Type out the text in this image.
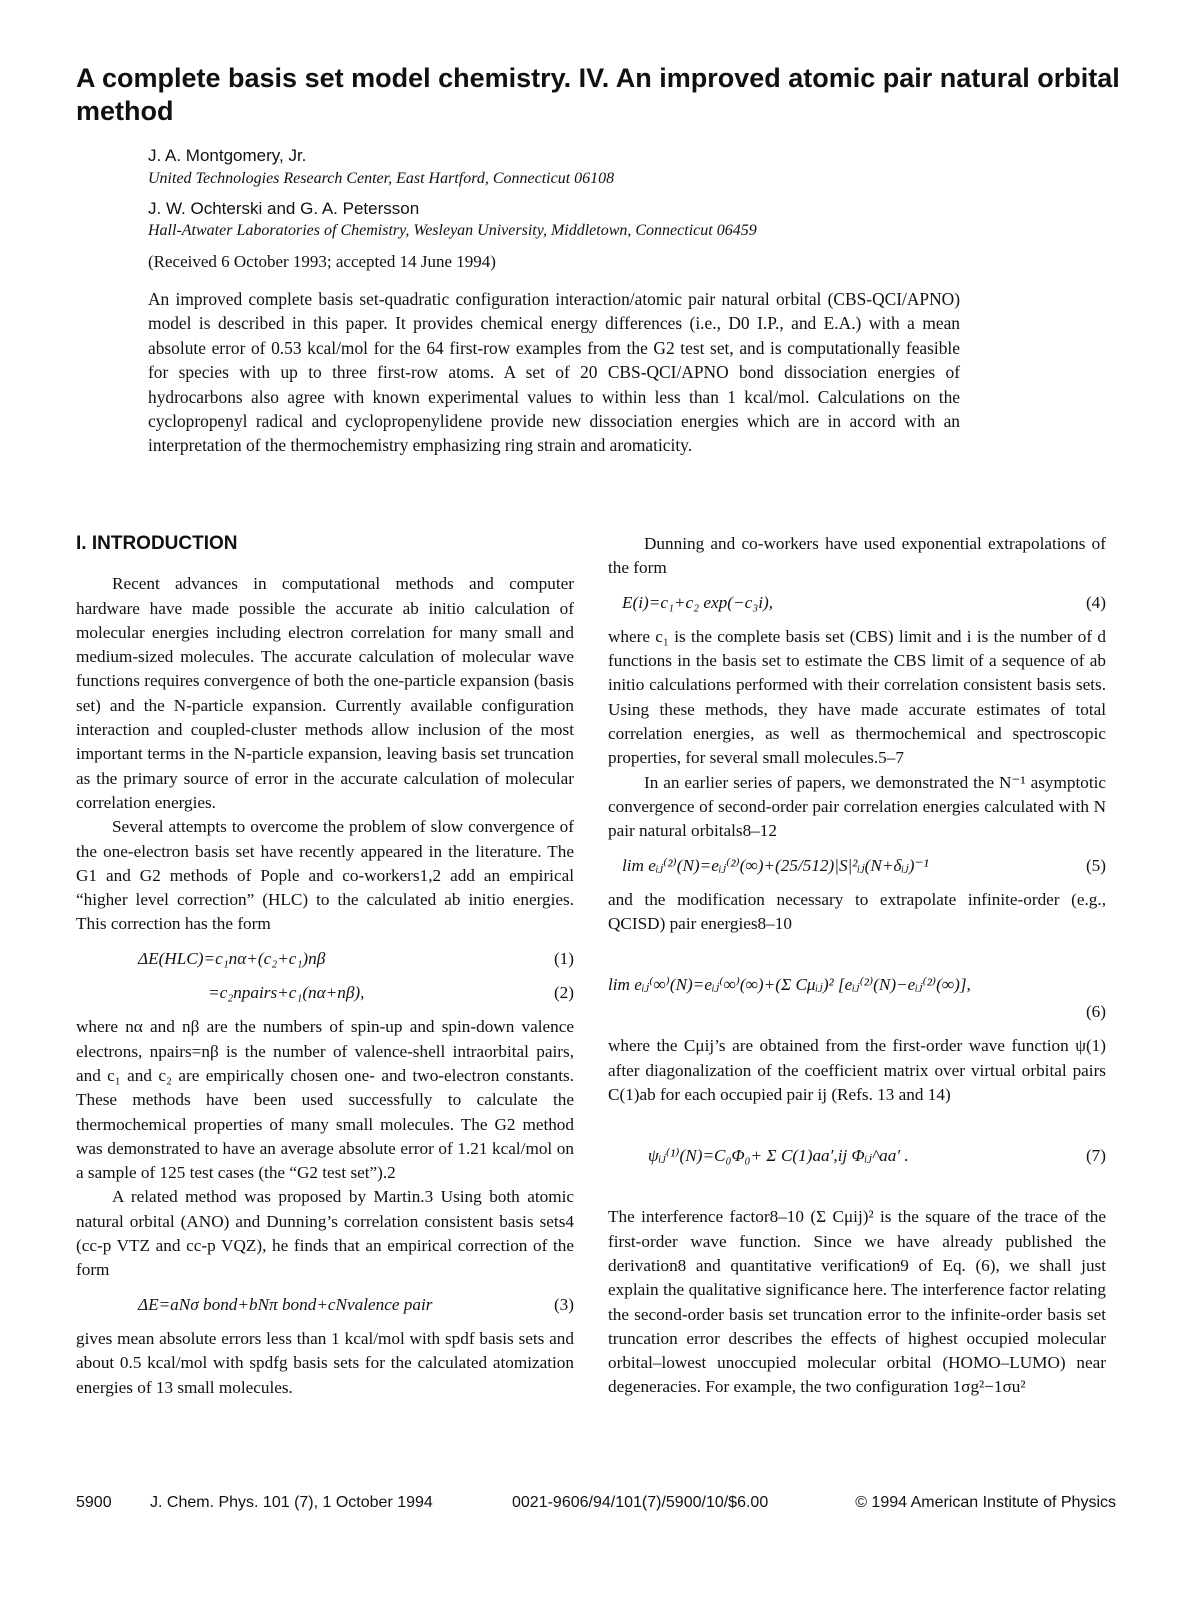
A complete basis set model chemistry. IV. An improved atomic pair natural orbital method
J. A. Montgomery, Jr.
United Technologies Research Center, East Hartford, Connecticut 06108
J. W. Ochterski and G. A. Petersson
Hall-Atwater Laboratories of Chemistry, Wesleyan University, Middletown, Connecticut 06459
(Received 6 October 1993; accepted 14 June 1994)

An improved complete basis set-quadratic configuration interaction/atomic pair natural orbital (CBS-QCI/APNO) model is described in this paper. It provides chemical energy differences (i.e., D0 I.P., and E.A.) with a mean absolute error of 0.53 kcal/mol for the 64 first-row examples from the G2 test set, and is computationally feasible for species with up to three first-row atoms. A set of 20 CBS-QCI/APNO bond dissociation energies of hydrocarbons also agree with known experimental values to within less than 1 kcal/mol. Calculations on the cyclopropenyl radical and cyclopropenylidene provide new dissociation energies which are in accord with an interpretation of the thermochemistry emphasizing ring strain and aromaticity.

I. INTRODUCTION

Recent advances in computational methods and computer hardware have made possible the accurate ab initio calculation of molecular energies including electron correlation for many small and medium-sized molecules. The accurate calculation of molecular wave functions requires convergence of both the one-particle expansion (basis set) and the N-particle expansion. Currently available configuration interaction and coupled-cluster methods allow inclusion of the most important terms in the N-particle expansion, leaving basis set truncation as the primary source of error in the accurate calculation of molecular correlation energies.

Several attempts to overcome the problem of slow convergence of the one-electron basis set have recently appeared in the literature. The G1 and G2 methods of Pople and co-workers1,2 add an empirical “higher level correction” (HLC) to the calculated ab initio energies. This correction has the form

ΔE(HLC)=c₁nα+(c₂+c₁)nβ	(1)
=c₂npairs+c₁(nα+nβ),	(2)

where nα and nβ are the numbers of spin-up and spin-down valence electrons, npairs=nβ is the number of valence-shell intraorbital pairs, and c₁ and c₂ are empirically chosen one- and two-electron constants. These methods have been used successfully to calculate the thermochemical properties of many small molecules. The G2 method was demonstrated to have an average absolute error of 1.21 kcal/mol on a sample of 125 test cases (the “G2 test set”).2

A related method was proposed by Martin.3 Using both atomic natural orbital (ANO) and Dunning’s correlation consistent basis sets4 (cc-p VTZ and cc-p VQZ), he finds that an empirical correction of the form

ΔE=aNσ bond+bNπ bond+cNvalence pair	(3)

gives mean absolute errors less than 1 kcal/mol with spdf basis sets and about 0.5 kcal/mol with spdfg basis sets for the calculated atomization energies of 13 small molecules.

Dunning and co-workers have used exponential extrapolations of the form

E(i)=c₁+c₂ exp(−c₃i),	(4)

where c₁ is the complete basis set (CBS) limit and i is the number of d functions in the basis set to estimate the CBS limit of a sequence of ab initio calculations performed with their correlation consistent basis sets. Using these methods, they have made accurate estimates of total correlation energies, as well as thermochemical and spectroscopic properties, for several small molecules.5–7

In an earlier series of papers, we demonstrated the N⁻¹ asymptotic convergence of second-order pair correlation energies calculated with N pair natural orbitals8–12

lim eᵢⱼ⁽²⁾(N)=eᵢⱼ⁽²⁾(∞)+(25/512)|S|²ᵢⱼ(N+δᵢⱼ)⁻¹	(5)

and the modification necessary to extrapolate infinite-order (e.g., QCISD) pair energies8–10

lim eᵢⱼ⁽∞⁾(N)=eᵢⱼ⁽∞⁾(∞)+(Σ Cμᵢⱼ)² [eᵢⱼ⁽²⁾(N)−eᵢⱼ⁽²⁾(∞)],
(6)

where the Cμij’s are obtained from the first-order wave function ψ(1) after diagonalization of the coefficient matrix over virtual orbital pairs C(1)ab for each occupied pair ij (Refs. 13 and 14)

ψᵢⱼ⁽¹⁾(N)=C₀Φ₀+ Σ C(1)aa′,ij Φᵢⱼ^aa′ .	(7)

The interference factor8–10 (Σ Cμij)² is the square of the trace of the first-order wave function. Since we have already published the derivation8 and quantitative verification9 of Eq. (6), we shall just explain the qualitative significance here. The interference factor relating the second-order basis set truncation error to the infinite-order basis set truncation error describes the effects of highest occupied molecular orbital–lowest unoccupied molecular orbital (HOMO–LUMO) near degeneracies. For example, the two configuration 1σg²−1σu²

5900 J. Chem. Phys. 101 (7), 1 October 1994	0021-9606/94/101(7)/5900/10/$6.00	© 1994 American Institute of Physics
